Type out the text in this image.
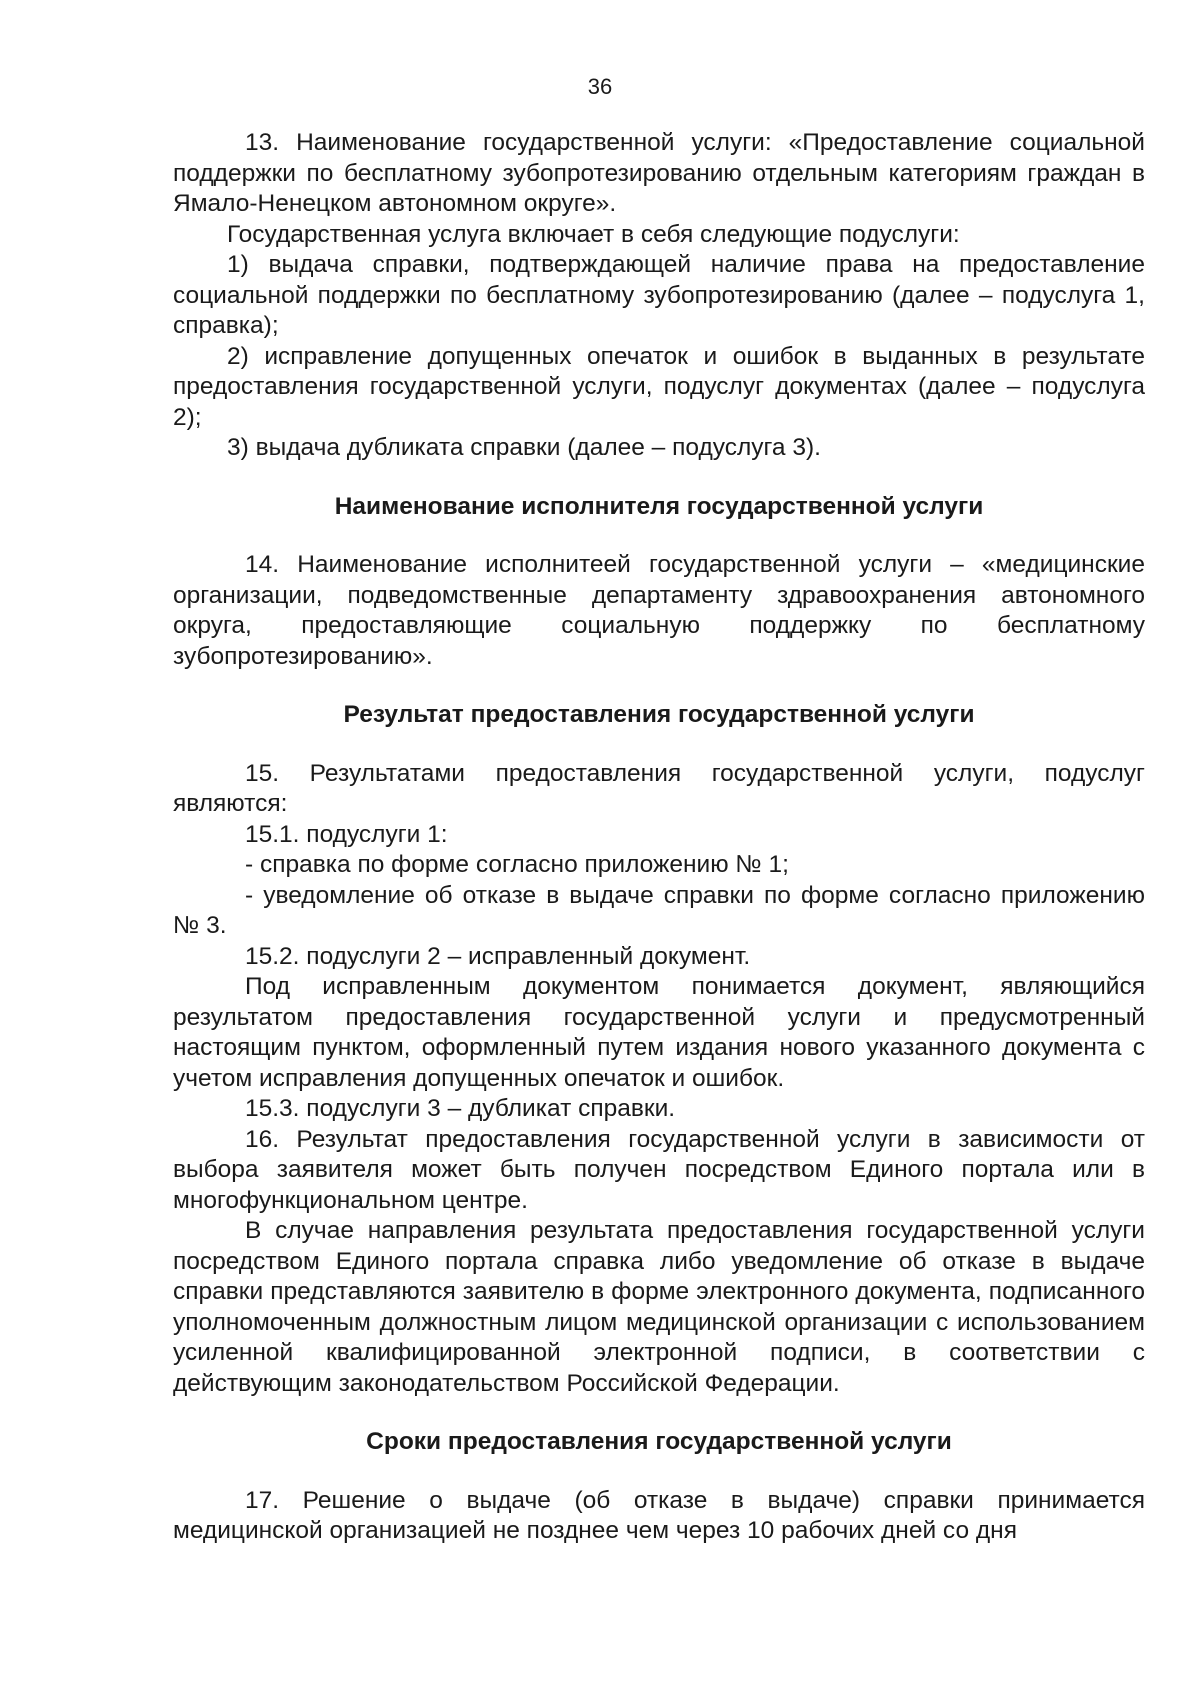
36

13. Наименование государственной услуги: «Предоставление социальной поддержки по бесплатному зубопротезированию отдельным категориям граждан в Ямало-Ненецком автономном округе».

Государственная услуга включает в себя следующие подуслуги:

1) выдача справки, подтверждающей наличие права на предоставление социальной поддержки по бесплатному зубопротезированию (далее – подуслуга 1, справка);

2) исправление допущенных опечаток и ошибок в выданных в результате предоставления государственной услуги, подуслуг документах (далее – подуслуга 2);

3) выдача дубликата справки (далее – подуслуга 3).

Наименование исполнителя государственной услуги

14. Наименование исполнитеей государственной услуги – «медицинские организации, подведомственные департаменту здравоохранения автономного округа, предоставляющие социальную поддержку по бесплатному зубопротезированию».

Результат предоставления государственной услуги

15. Результатами предоставления государственной услуги, подуслуг являются:

15.1. подуслуги 1:

- справка по форме согласно приложению № 1;

- уведомление об отказе в выдаче справки по форме согласно приложению № 3.

15.2. подуслуги 2 – исправленный документ.

Под исправленным документом понимается документ, являющийся результатом предоставления государственной услуги и предусмотренный настоящим пунктом, оформленный путем издания нового указанного документа с учетом исправления допущенных опечаток и ошибок.

15.3. подуслуги 3 – дубликат справки.

16. Результат предоставления государственной услуги в зависимости от выбора заявителя может быть получен посредством Единого портала или в многофункциональном центре.

В случае направления результата предоставления государственной услуги посредством Единого портала справка либо уведомление об отказе в выдаче справки представляются заявителю в форме электронного документа, подписанного уполномоченным должностным лицом медицинской организации с использованием усиленной квалифицированной электронной подписи, в соответствии с действующим законодательством Российской Федерации.

Сроки предоставления государственной услуги

17. Решение о выдаче (об отказе в выдаче) справки принимается медицинской организацией не позднее чем через 10 рабочих дней со дня
